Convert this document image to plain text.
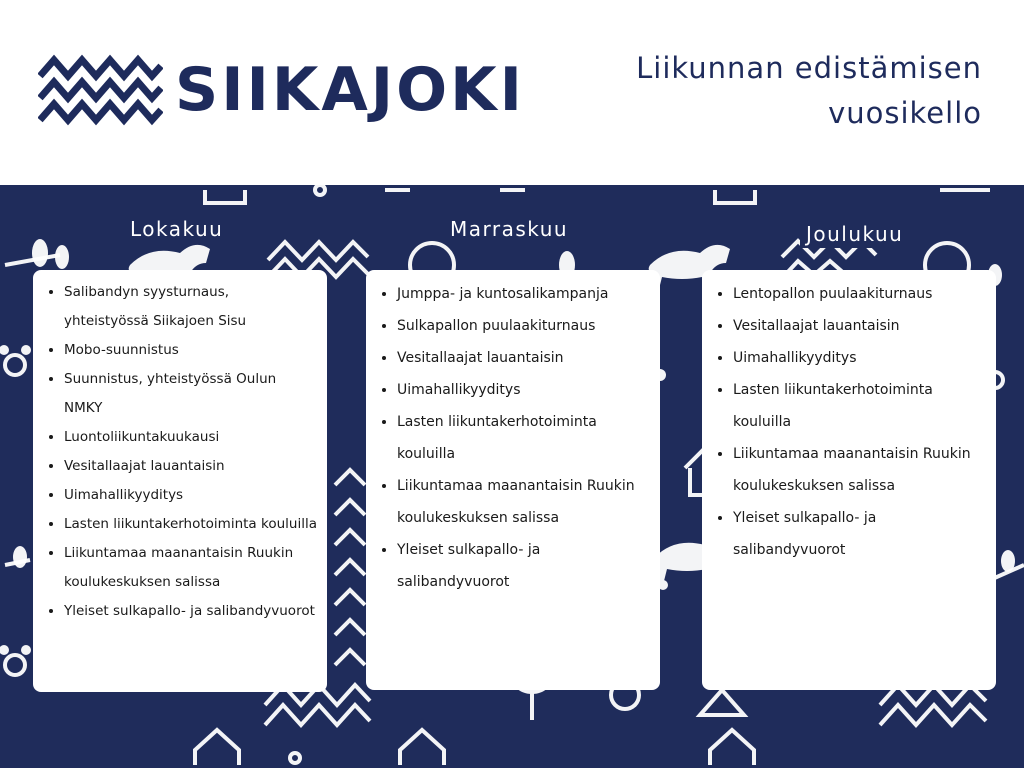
SIIKAJOKI	Liikunnan edistämisen
vuosikello
Lokakuu	Marraskuu	Joulukuu
• Salibandyn syysturnaus, yhteistyössä Siikajoen Sisu
• Mobo-suunnistus
• Suunnistus, yhteistyössä Oulun NMKY
• Luontoliikuntakuukausi
• Vesitallaajat lauantaisin
• Uimahallikyyditys
• Lasten liikuntakerhotoiminta kouluilla
• Liikuntamaa maanantaisin Ruukin koulukeskuksen salissa
• Yleiset sulkapallo- ja salibandyvuorot
• Jumppa- ja kuntosalikampanja
• Sulkapallon puulaakiturnaus
• Vesitallaajat lauantaisin
• Uimahallikyyditys
• Lasten liikuntakerhotoiminta kouluilla
• Liikuntamaa maanantaisin Ruukin koulukeskuksen salissa
• Yleiset sulkapallo- ja salibandyvuorot
• Lentopallon puulaakiturnaus
• Vesitallaajat lauantaisin
• Uimahallikyyditys
• Lasten liikuntakerhotoiminta kouluilla
• Liikuntamaa maanantaisin Ruukin koulukeskuksen salissa
• Yleiset sulkapallo- ja salibandyvuorot
